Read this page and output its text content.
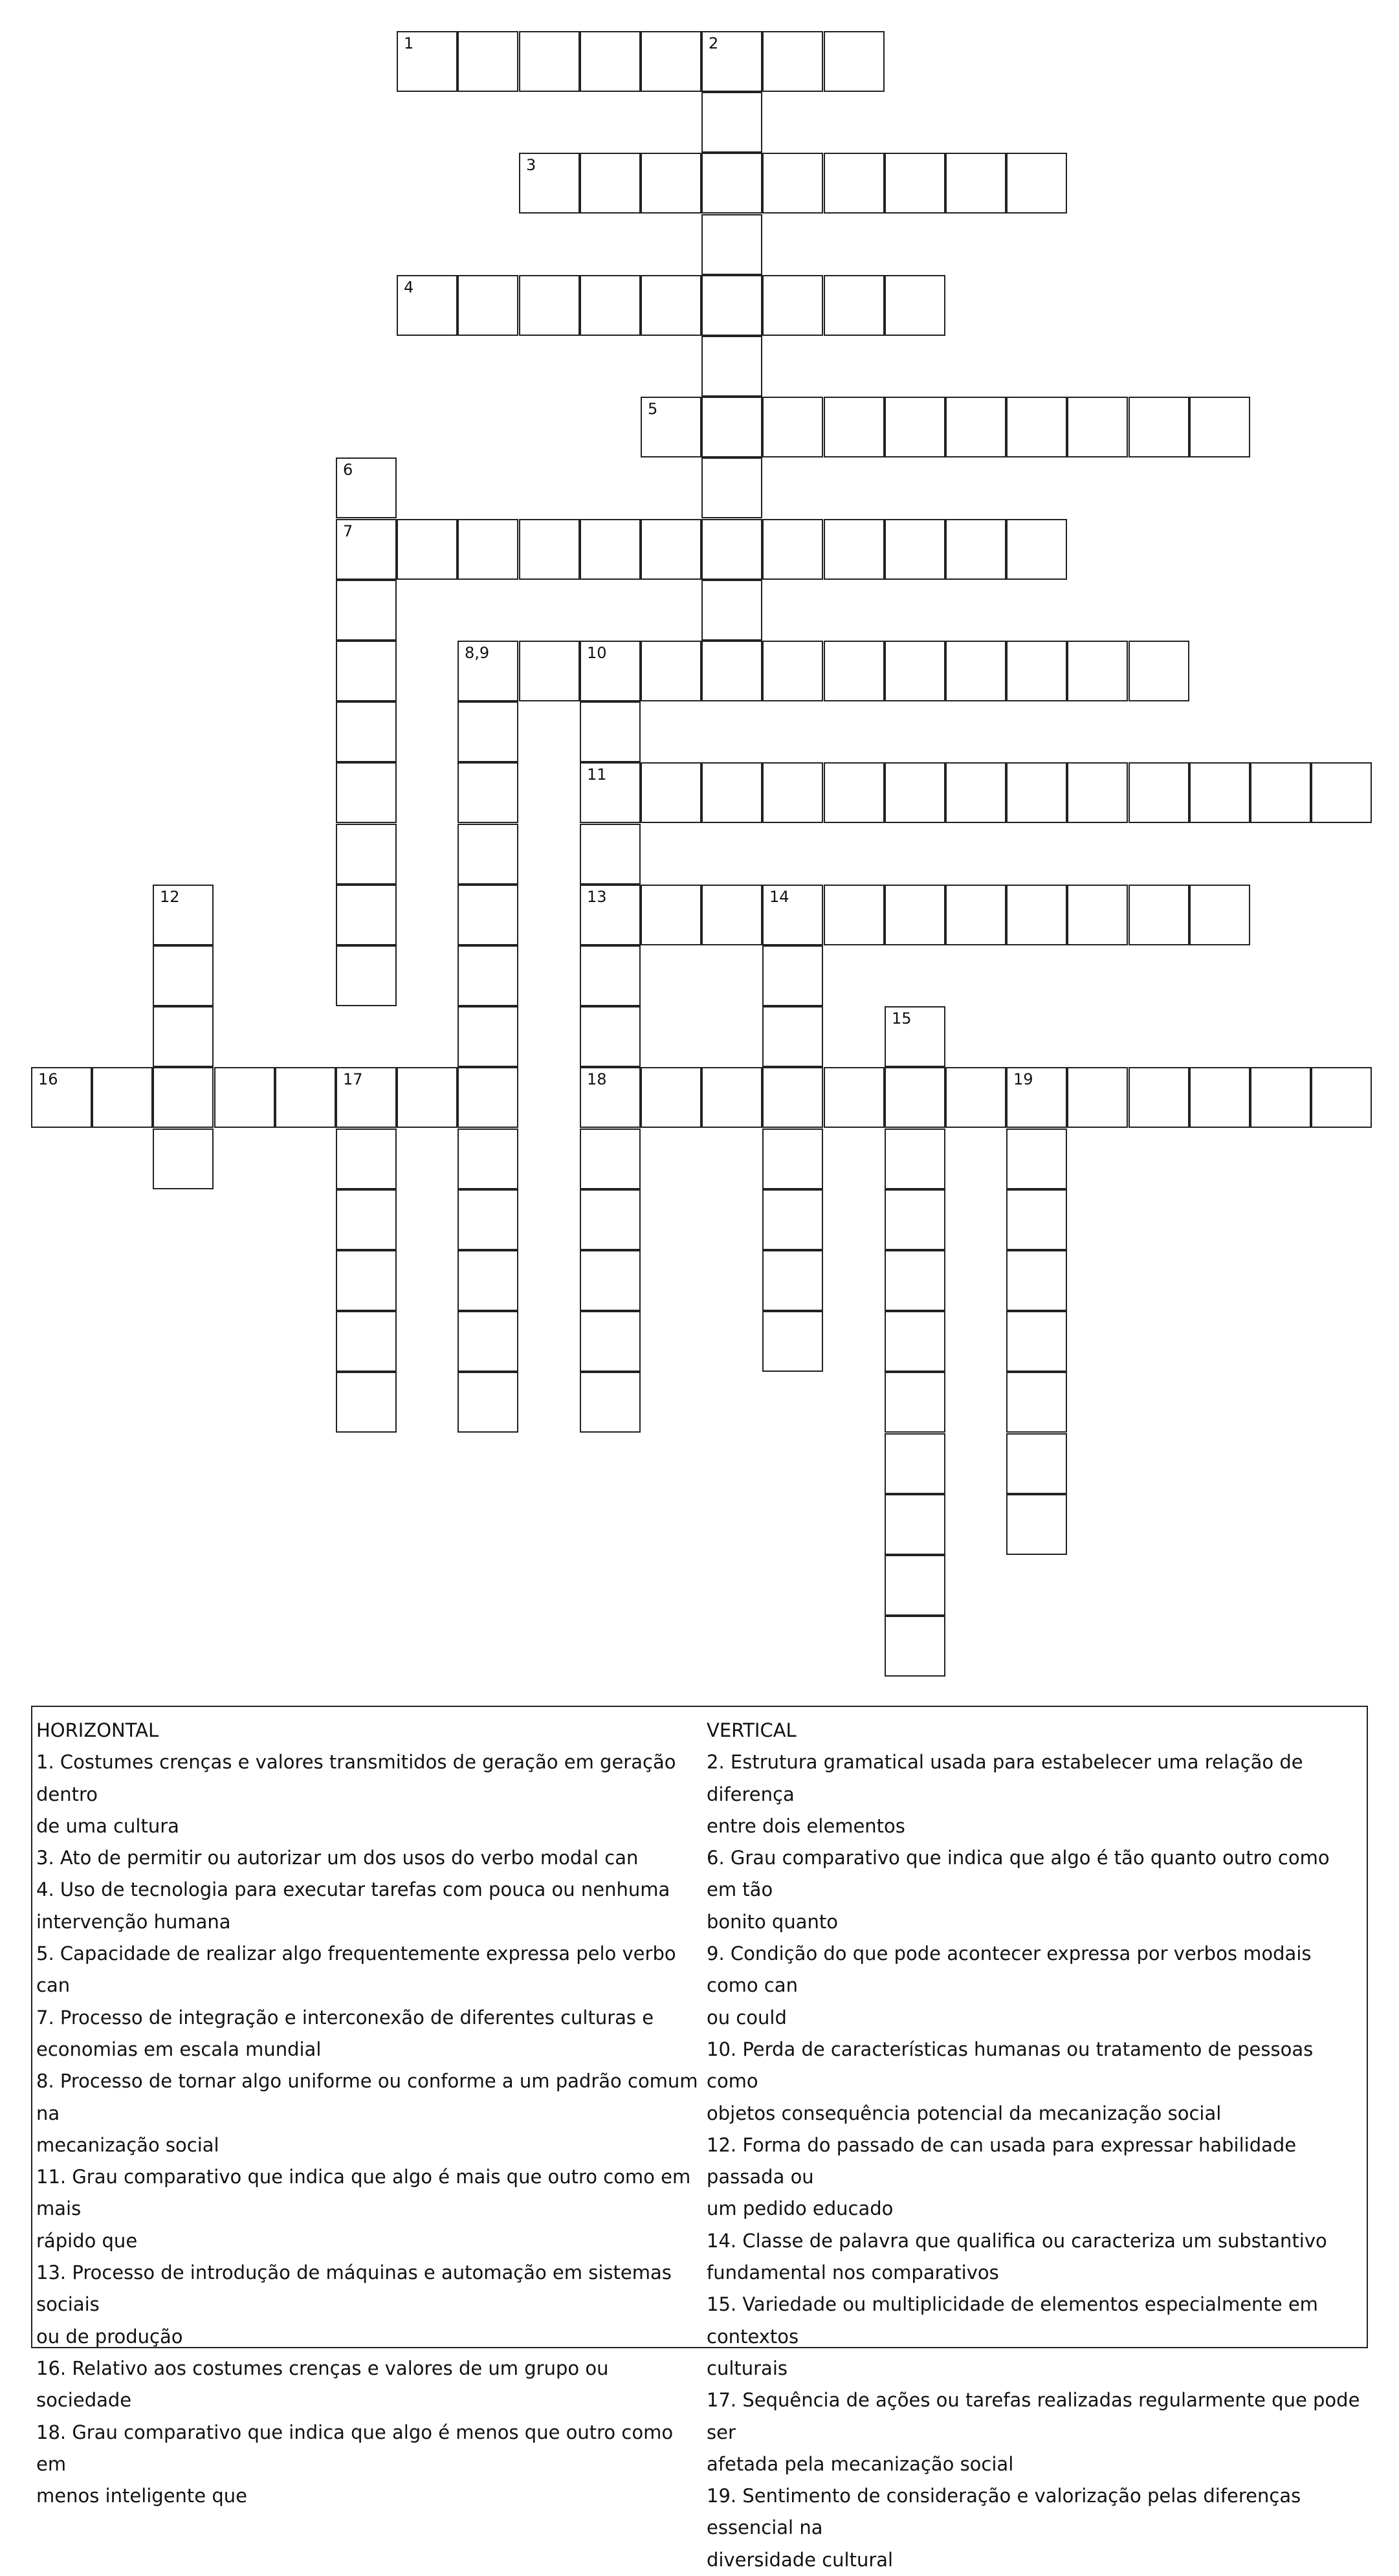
1	2
3
4
5
6
7
8,9	10
11
12	13	14
15
16	17	18	19

HORIZONTAL

1. Costumes crenças e valores transmitidos de geração em geração dentro

de uma cultura

3. Ato de permitir ou autorizar um dos usos do verbo modal can

4. Uso de tecnologia para executar tarefas com pouca ou nenhuma

intervenção humana

5. Capacidade de realizar algo frequentemente expressa pelo verbo can

7. Processo de integração e interconexão de diferentes culturas e

economias em escala mundial

8. Processo de tornar algo uniforme ou conforme a um padrão comum na

mecanização social

11. Grau comparativo que indica que algo é mais que outro como em mais

rápido que

13. Processo de introdução de máquinas e automação em sistemas sociais

ou de produção

16. Relativo aos costumes crenças e valores de um grupo ou sociedade

18. Grau comparativo que indica que algo é menos que outro como em

menos inteligente que

VERTICAL

2. Estrutura gramatical usada para estabelecer uma relação de diferença

entre dois elementos

6. Grau comparativo que indica que algo é tão quanto outro como em tão

bonito quanto

9. Condição do que pode acontecer expressa por verbos modais como can

ou could

10. Perda de características humanas ou tratamento de pessoas como

objetos consequência potencial da mecanização social

12. Forma do passado de can usada para expressar habilidade passada ou

um pedido educado

14. Classe de palavra que qualifica ou caracteriza um substantivo

fundamental nos comparativos

15. Variedade ou multiplicidade de elementos especialmente em contextos

culturais

17. Sequência de ações ou tarefas realizadas regularmente que pode ser

afetada pela mecanização social

19. Sentimento de consideração e valorização pelas diferenças essencial na

diversidade cultural
